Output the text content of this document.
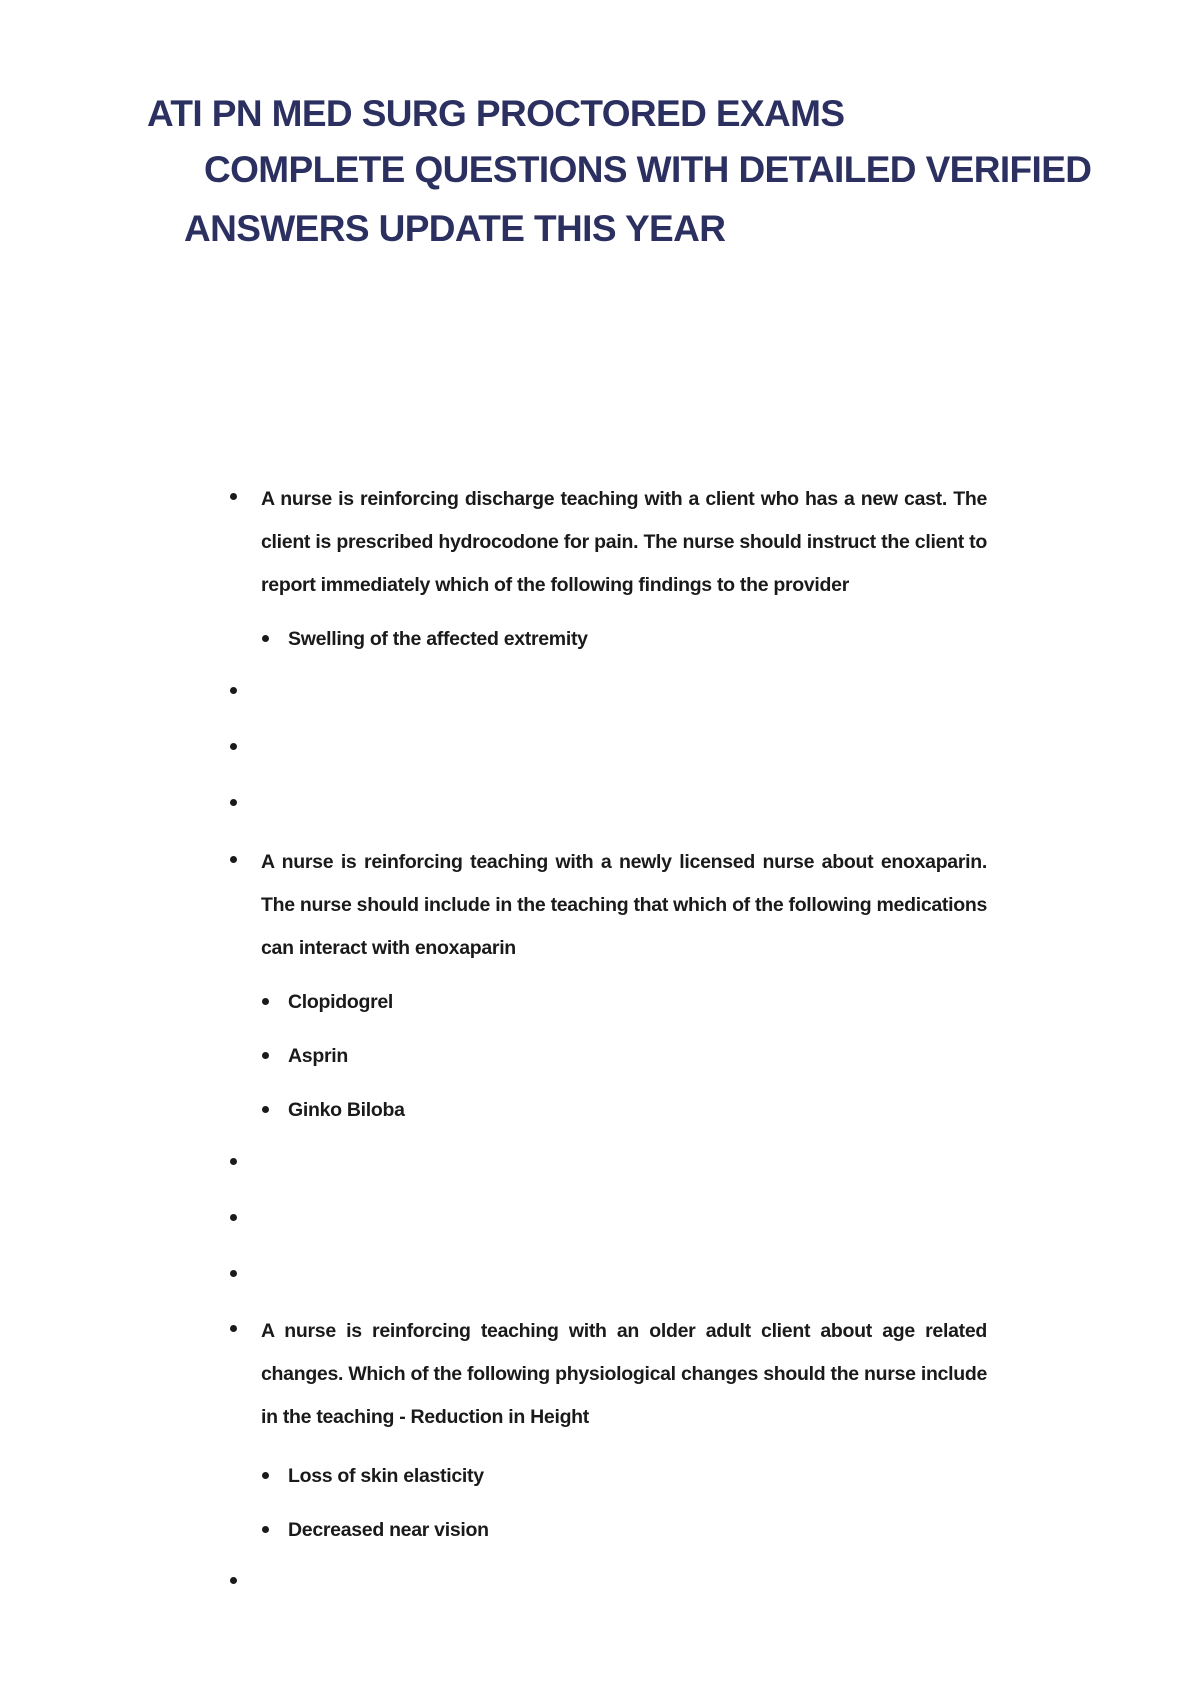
ATI PN MED SURG PROCTORED EXAMS
COMPLETE QUESTIONS WITH DETAILED VERIFIED
ANSWERS UPDATE THIS YEAR

A nurse is reinforcing discharge teaching with a client who has a new cast. The client is prescribed hydrocodone for pain. The nurse should instruct the client to report immediately which of the following findings to the provider

Swelling of the affected extremity

A nurse is reinforcing teaching with a newly licensed nurse about enoxaparin. The nurse should include in the teaching that which of the following medications can interact with enoxaparin

Clopidogrel

Asprin

Ginko Biloba

A nurse is reinforcing teaching with an older adult client about age related changes. Which of the following physiological changes should the nurse include in the teaching - Reduction in Height

Loss of skin elasticity

Decreased near vision
